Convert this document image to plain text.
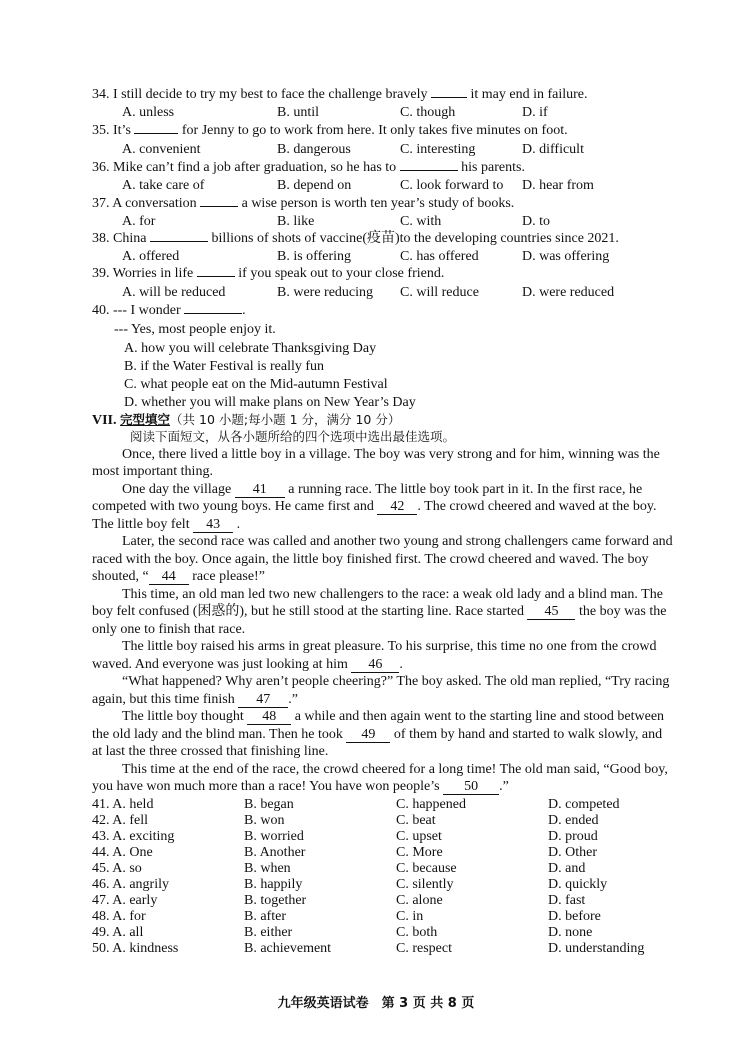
34. I still decide to try my best to face the challenge bravely	it may end in failure.
A. unless	B. until	C. though	D. if
35. It’s	for Jenny to go to work from here. It only takes five minutes on foot.
A. convenient	B. dangerous	C. interesting	D. difficult
36. Mike can’t find a job after graduation, so he has to	his parents.
A. take care of	B. depend on	C. look forward to D. hear from
37. A conversation	a wise person is worth ten year’s study of books.
A. for	B. like	C. with	D. to
38. China	billions of shots of vaccine(疫苗)to the developing countries since 2021.
A. offered	B. is offering	C. has offered	D. was offering
39. Worries in life	if you speak out to your close friend.
A. will be reduced	B. were reducing C. will reduce	D. were reduced
40. --- I wonder	.
--- Yes, most people enjoy it.
A. how you will celebrate Thanksgiving Day
B. if the Water Festival is really fun
C. what people eat on the Mid-autumn Festival
D. whether you will make plans on New Year’s Day
VII. 完型填空（共 10 小题;每小题 1 分，满分 10 分）
阅读下面短文，从各小题所给的四个选项中选出最佳选项。
Once, there lived a little boy in a village. The boy was very strong and for him, winning was the
most important thing.
One day the village 41 a running race. The little boy took part in it. In the first race, he
competed with two young boys. He came first and 42 . The crowd cheered and waved at the boy.
The little boy felt 43 .
Later, the second race was called and another two young and strong challengers came forward and
raced with the boy. Once again, the little boy finished first. The crowd cheered and waved. The boy
shouted, “ 44 race please!”
This time, an old man led two new challengers to the race: a weak old lady and a blind man. The
boy felt confused (困惑的), but he still stood at the starting line. Race started 45 the boy was the
only one to finish that race.
The little boy raised his arms in great pleasure. To his surprise, this time no one from the crowd
waved. And everyone was just looking at him 46 .
“What happened? Why aren’t people cheering?” The boy asked. The old man replied, “Try racing
again, but this time finish 47 .”
The little boy thought 48 a while and then again went to the starting line and stood between
the old lady and the blind man. Then he took 49 of them by hand and started to walk slowly, and
at last the three crossed that finishing line.
This time at the end of the race, the crowd cheered for a long time! The old man said, “Good boy,
you have won much more than a race! You have won people’s 50 .”
41. A. held	B. began	C. happened	D. competed
42. A. fell	B. won	C. beat	D. ended
43. A. exciting	B. worried	C. upset	D. proud
44. A. One	B. Another	C. More	D. Other
45. A. so	B. when	C. because	D. and
46. A. angrily	B. happily	C. silently	D. quickly
47. A. early	B. together	C. alone	D. fast
48. A. for	B. after	C. in	D. before
49. A. all	B. either	C. both	D. none
50. A. kindness	B. achievement	C. respect	D. understanding
九年级英语试卷　第 3 页 共 8 页
